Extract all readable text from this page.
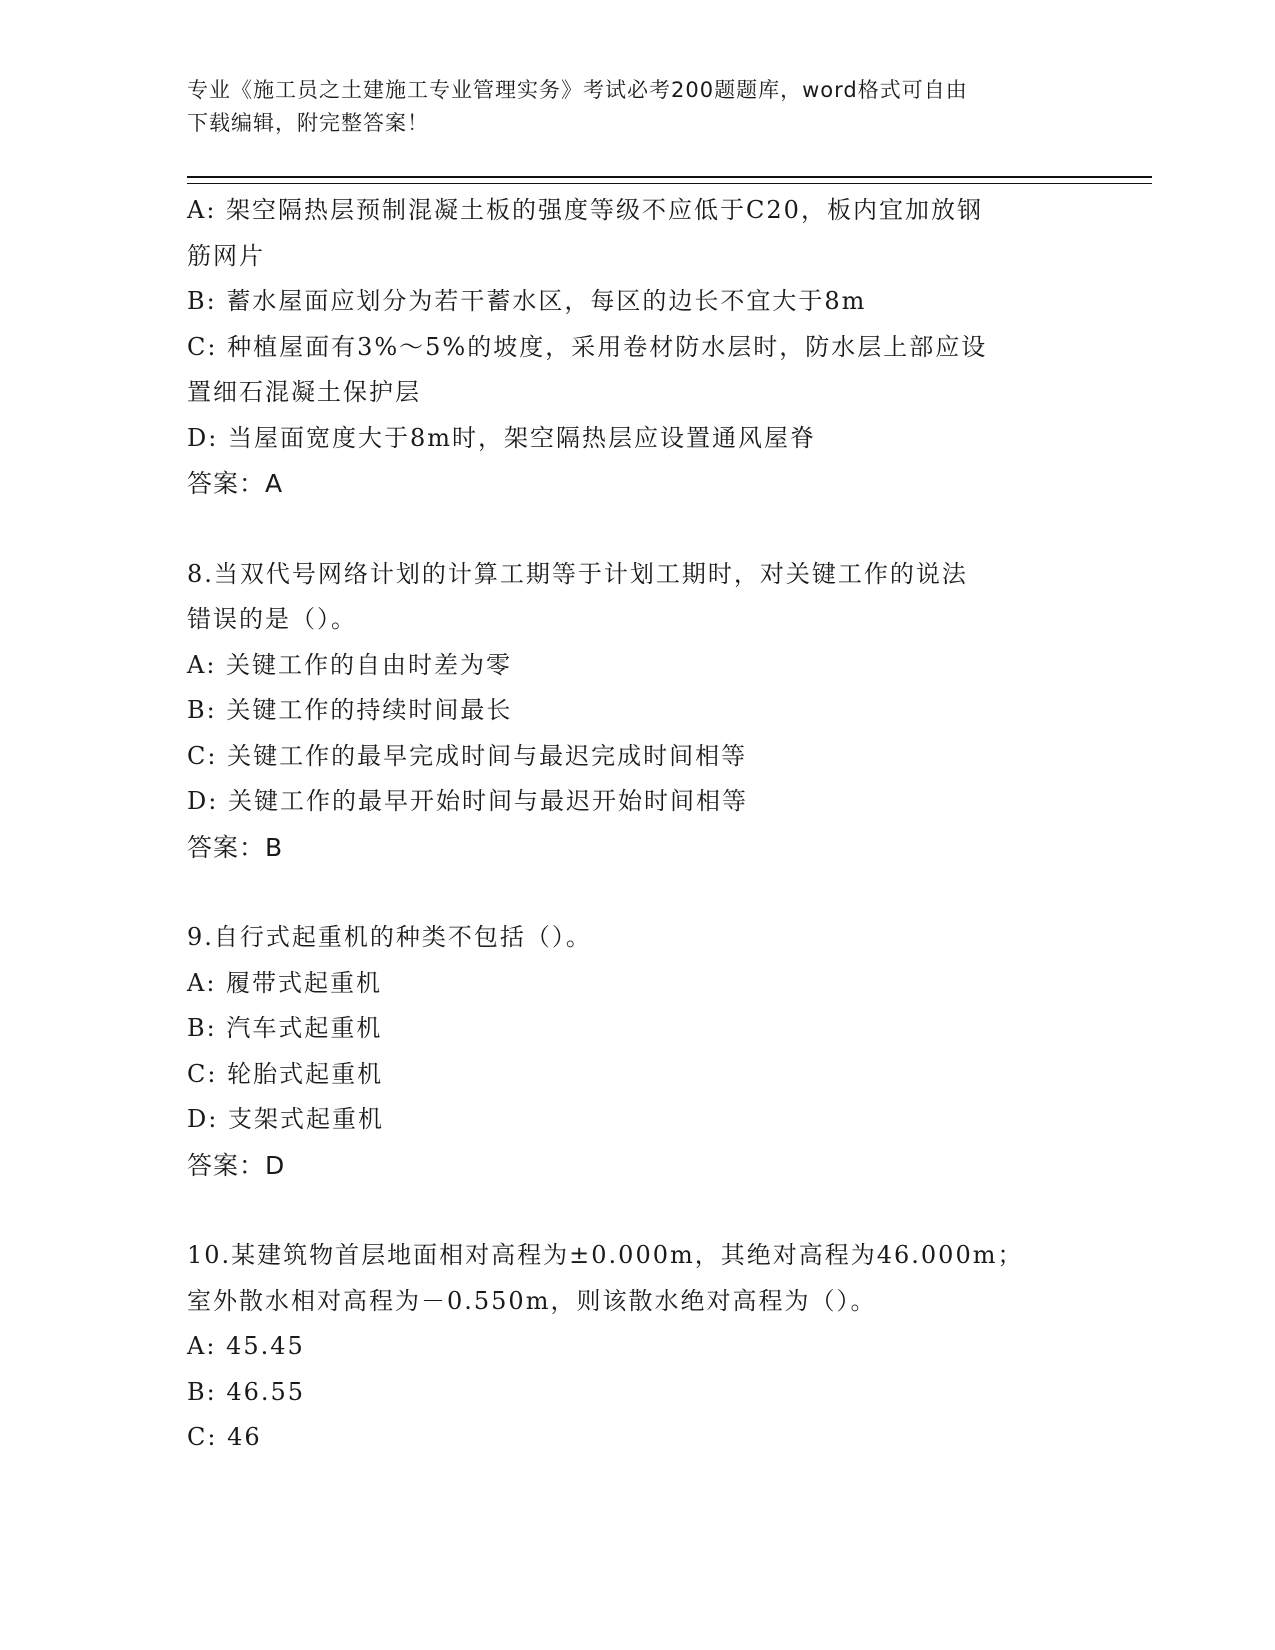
专业《施工员之土建施工专业管理实务》考试必考200题题库，word格式可自由
下载编辑，附完整答案！
A: 架空隔热层预制混凝土板的强度等级不应低于C20，板内宜加放钢
筋网片
B: 蓄水屋面应划分为若干蓄水区，每区的边长不宜大于8m
C: 种植屋面有3%～5%的坡度，采用卷材防水层时，防水层上部应设
置细石混凝土保护层
D: 当屋面宽度大于8m时，架空隔热层应设置通风屋脊
答案：A
8.当双代号网络计划的计算工期等于计划工期时，对关键工作的说法
错误的是（）。
A: 关键工作的自由时差为零
B: 关键工作的持续时间最长
C: 关键工作的最早完成时间与最迟完成时间相等
D: 关键工作的最早开始时间与最迟开始时间相等
答案：B
9.自行式起重机的种类不包括（）。
A: 履带式起重机
B: 汽车式起重机
C: 轮胎式起重机
D: 支架式起重机
答案：D
10.某建筑物首层地面相对高程为±0.000m，其绝对高程为46.000m；
室外散水相对高程为－0.550m，则该散水绝对高程为（）。
A: 45.45
B: 46.55
C: 46
